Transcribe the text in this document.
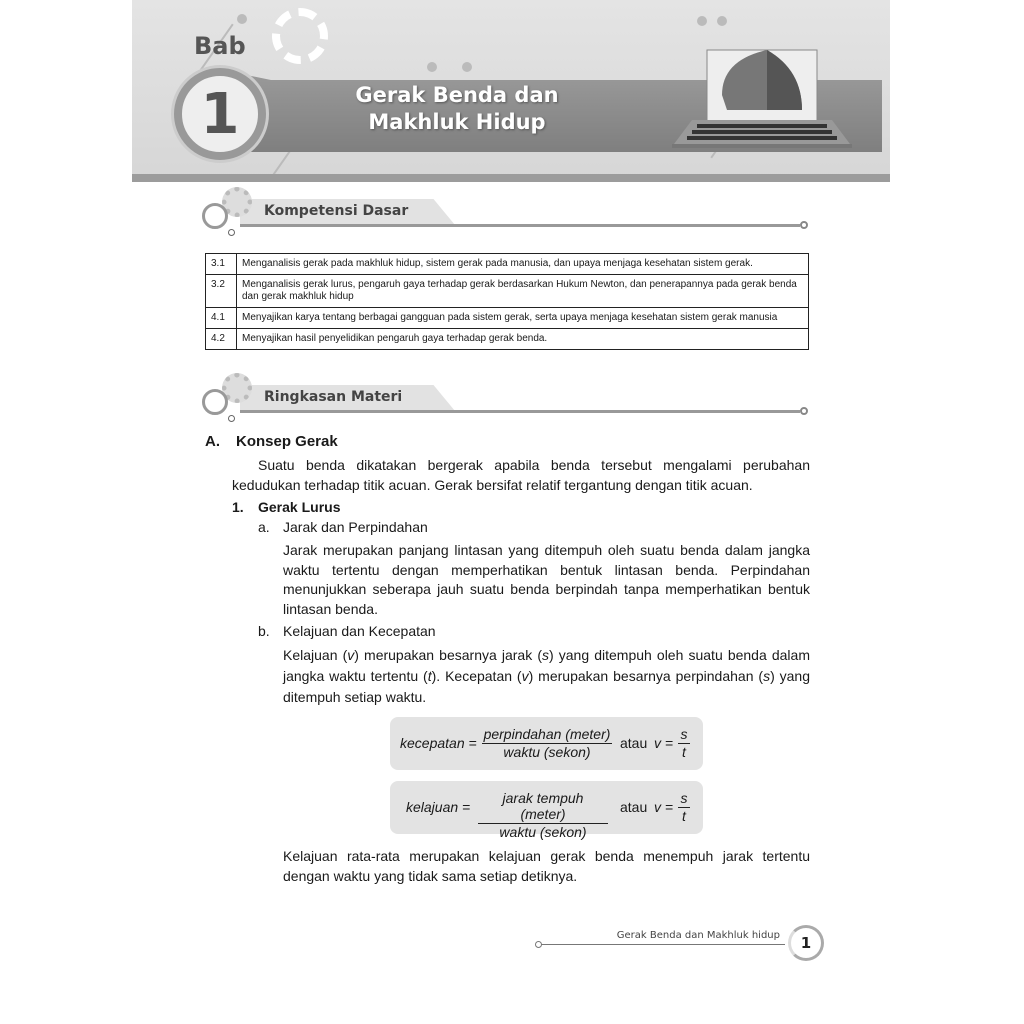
Bab
1	Gerak Benda dan
Makhluk Hidup
Kompetensi Dasar
3.1	Menganalisis gerak pada makhluk hidup, sistem gerak pada manusia, dan upaya menjaga kesehatan sistem gerak.
3.2	Menganalisis gerak lurus, pengaruh gaya terhadap gerak berdasarkan Hukum Newton, dan penerapannya pada gerak benda dan gerak makhluk hidup
4.1	Menyajikan karya tentang berbagai gangguan pada sistem gerak, serta upaya menjaga kesehatan sistem gerak manusia
4.2	Menyajikan hasil penyelidikan pengaruh gaya terhadap gerak benda.
Ringkasan Materi
A. Konsep Gerak
Suatu benda dikatakan bergerak apabila benda tersebut mengalami perubahan kedudukan terhadap titik acuan. Gerak bersifat relatif tergantung dengan titik acuan.
1. Gerak Lurus
a. Jarak dan Perpindahan
Jarak merupakan panjang lintasan yang ditempuh oleh suatu benda dalam jangka waktu tertentu dengan memperhatikan bentuk lintasan benda. Perpindahan menunjukkan seberapa jauh suatu benda berpindah tanpa memperhatikan bentuk lintasan benda.
b. Kelajuan dan Kecepatan
Kelajuan (v) merupakan besarnya jarak (s) yang ditempuh oleh suatu benda dalam jangka waktu tertentu (t). Kecepatan (v) merupakan besarnya perpindahan (s) yang ditempuh setiap waktu.
kecepatan =
perpindahan (meter)
waktu (sekon)
atau $v = \frac{s}{t}$
kelajuan =
jarak tempuh (meter)
waktu (sekon)
atau $v = \frac{s}{t}$
Kelajuan rata-rata merupakan kelajuan gerak benda menempuh jarak tertentu dengan waktu yang tidak sama setiap detiknya.
Gerak Benda dan Makhluk hidup	1
